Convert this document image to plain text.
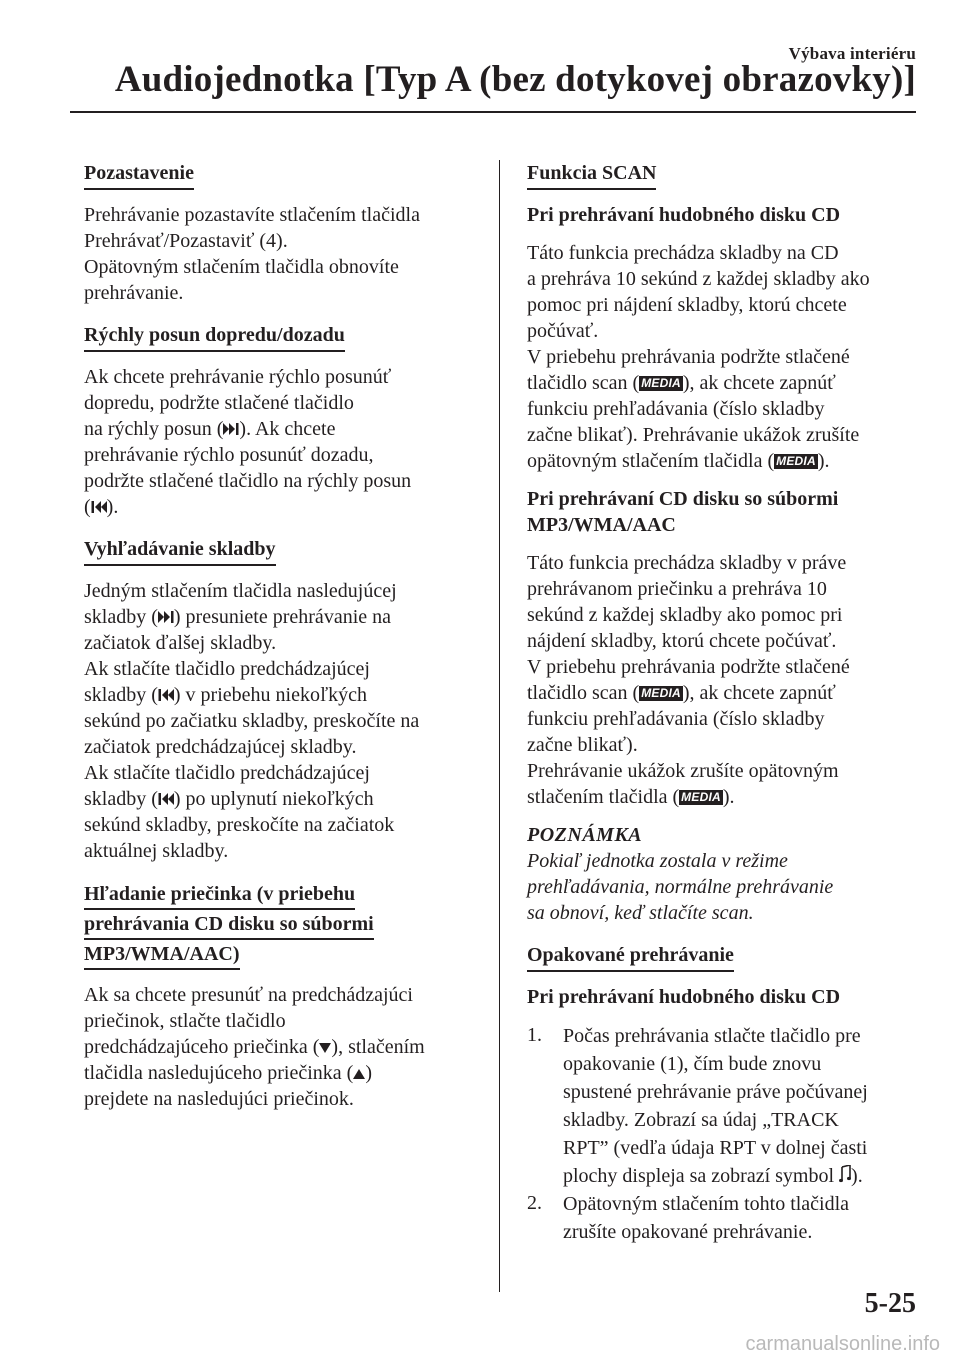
Výbava interiéru
Audiojednotka [Typ A (bez dotykovej obrazovky)]
Pozastavenie

Prehrávanie pozastavíte stlačením tlačidla
Prehrávať/Pozastaviť (4).
Opätovným stlačením tlačidla obnovíte
prehrávanie.

Rýchly posun dopredu/dozadu

Ak chcete prehrávanie rýchlo posunúť
dopredu, podržte stlačené tlačidlo
na rýchly posun ( ). Ak chcete
prehrávanie rýchlo posunúť dozadu,
podržte stlačené tlačidlo na rýchly posun
( ).

Vyhľadávanie skladby

Jedným stlačením tlačidla nasledujúcej
skladby ( ) presuniete prehrávanie na
začiatok ďalšej skladby.
Ak stlačíte tlačidlo predchádzajúcej
skladby ( ) v priebehu niekoľkých
sekúnd po začiatku skladby, preskočíte na
začiatok predchádzajúcej skladby.
Ak stlačíte tlačidlo predchádzajúcej
skladby ( ) po uplynutí niekoľkých
sekúnd skladby, preskočíte na začiatok
aktuálnej skladby.

Hľadanie priečinka (v priebehu
prehrávania CD disku so súbormi
MP3/WMA/AAC)

Ak sa chcete presunúť na predchádzajúci
priečinok, stlačte tlačidlo
predchádzajúceho priečinka ( ), stlačením
tlačidla nasledujúceho priečinka ( )
prejdete na nasledujúci priečinok.

Funkcia SCAN

Pri prehrávaní hudobného disku CD

Táto funkcia prechádza skladby na CD
a prehráva 10 sekúnd z každej skladby ako
pomoc pri nájdení skladby, ktorú chcete
počúvať.
V priebehu prehrávania podržte stlačené
tlačidlo scan ( MEDIA ), ak chcete zapnúť
funkciu prehľadávania (číslo skladby
začne blikať). Prehrávanie ukážok zrušíte
opätovným stlačením tlačidla ( MEDIA ).

Pri prehrávaní CD disku so súbormi
MP3/WMA/AAC

Táto funkcia prechádza skladby v práve
prehrávanom priečinku a prehráva 10
sekúnd z každej skladby ako pomoc pri
nájdení skladby, ktorú chcete počúvať.
V priebehu prehrávania podržte stlačené
tlačidlo scan ( MEDIA ), ak chcete zapnúť
funkciu prehľadávania (číslo skladby
začne blikať).
Prehrávanie ukážok zrušíte opätovným
stlačením tlačidla ( MEDIA ).

POZNÁMKA

Pokiaľ jednotka zostala v režime
prehľadávania, normálne prehrávanie
sa obnoví, keď stlačíte scan.

Opakované prehrávanie

Pri prehrávaní hudobného disku CD

1. Počas prehrávania stlačte tlačidlo pre
opakovanie (1), čím bude znovu
spustené prehrávanie práve počúvanej
skladby. Zobrazí sa údaj „TRACK
RPT” (vedľa údaja RPT v dolnej časti
plochy displeja sa zobrazí symbol ).

2. Opätovným stlačením tohto tlačidla
zrušíte opakované prehrávanie.

5-25
carmanualsonline.info
